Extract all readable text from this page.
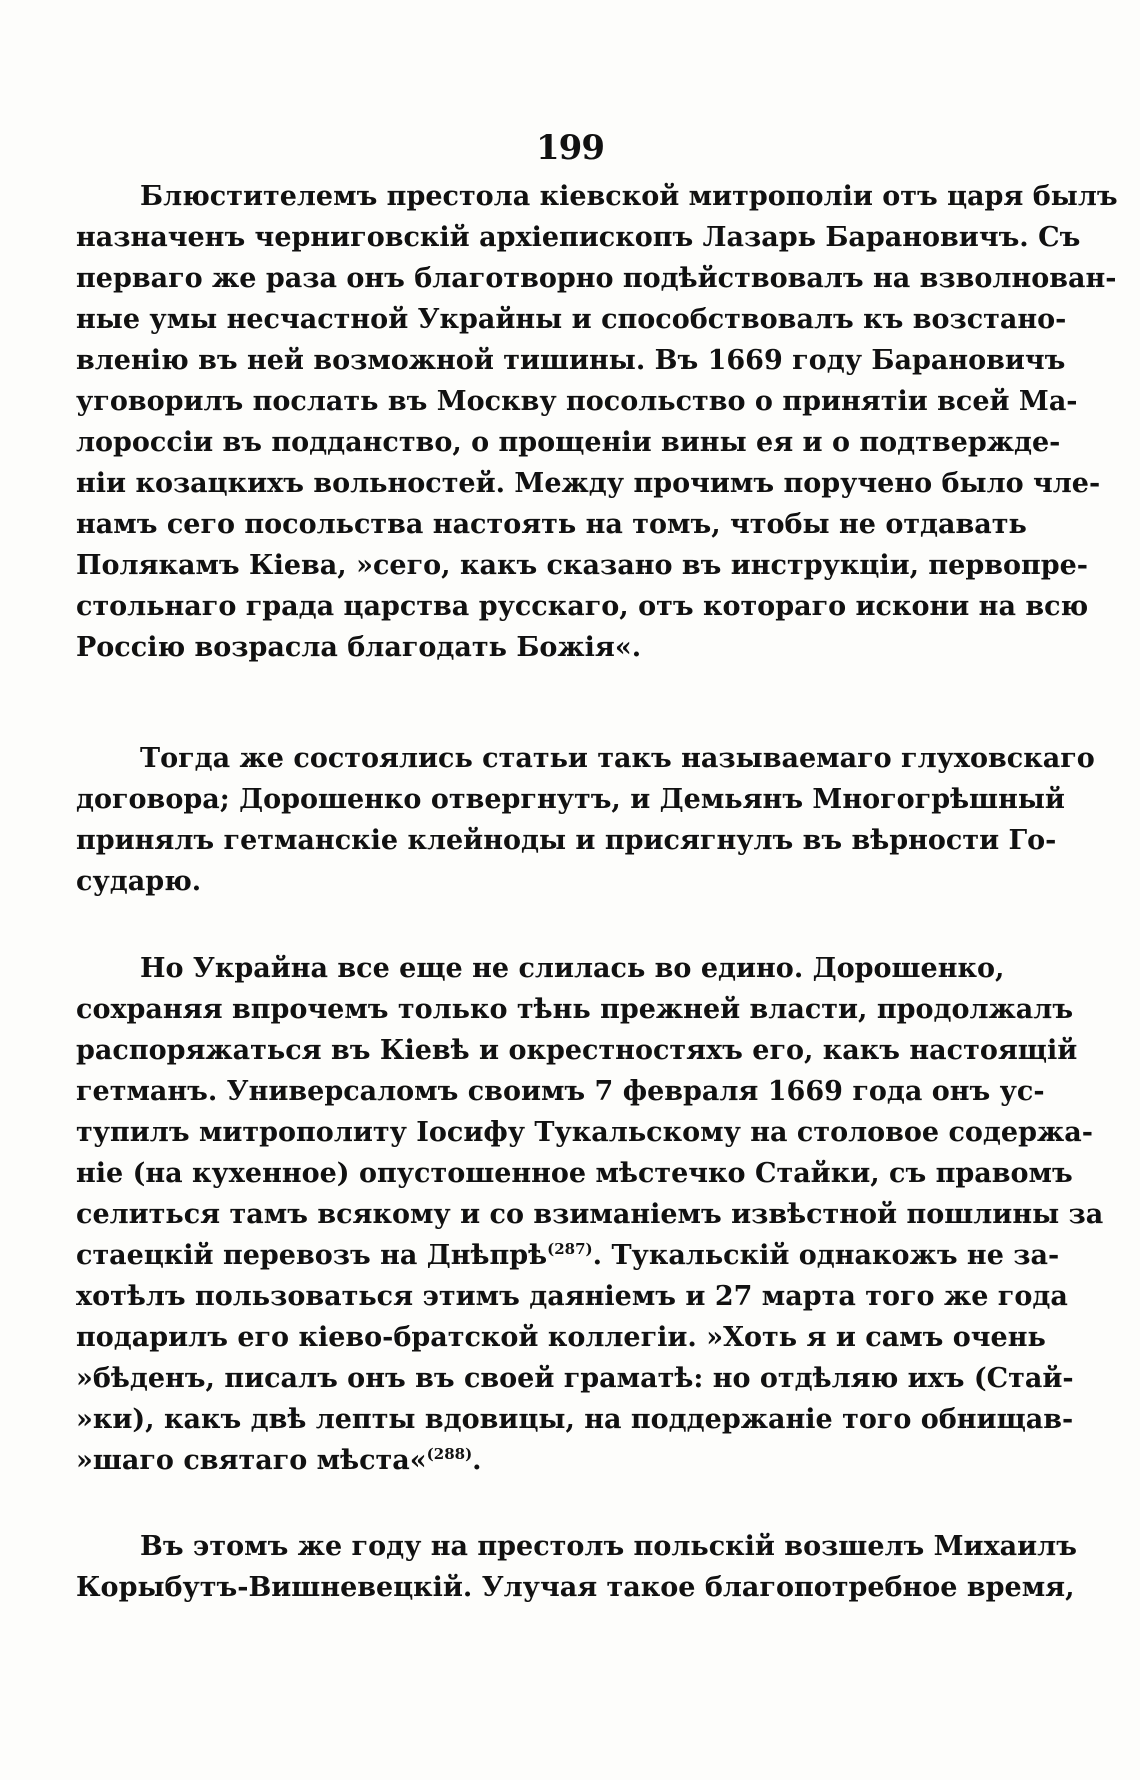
199
Блюстителемъ престола кіевской митрополіи отъ царя былъ
назначенъ черниговскій архіепископъ Лазарь Барановичъ. Съ
перваго же раза онъ благотворно подѣйствовалъ на взволнован-
ные умы несчастной Украйны и способствовалъ къ возстано-
вленію въ ней возможной тишины. Въ 1669 году Барановичъ
уговорилъ послать въ Москву посольство о принятіи всей Ма-
лороссіи въ подданство, о прощеніи вины ея и о подтвержде-
ніи козацкихъ вольностей. Между прочимъ поручено было чле-
намъ сего посольства настоять на томъ, чтобы не отдавать
Полякамъ Кіева, »сего, какъ сказано въ инструкціи, первопре-
стольнаго града царства русскаго, отъ котораго искони на всю
Россію возрасла благодать Божія«.
Тогда же состоялись статьи такъ называемаго глуховскаго
договора; Дорошенко отвергнутъ, и Демьянъ Многогрѣшный
принялъ гетманскіе клейноды и присягнулъ въ вѣрности Го-
сударю.
Но Украйна все еще не слилась во едино. Дорошенко,
сохраняя впрочемъ только тѣнь прежней власти, продолжалъ
распоряжаться въ Кіевѣ и окрестностяхъ его, какъ настоящій
гетманъ. Универсаломъ своимъ 7 февраля 1669 года онъ ус-
тупилъ митрополиту Іосифу Тукальскому на столовое содержа-
ніе (на кухенное) опустошенное мѣстечко Стайки, съ правомъ
селиться тамъ всякому и со взиманіемъ извѣстной пошлины за
стаецкій перевозъ на Днѣпрѣ$^{(287)}$. Тукальскій однакожъ не за-
хотѣлъ пользоваться этимъ даяніемъ и 27 марта того же года
подарилъ его кіево-братской коллегіи. »Хоть я и самъ очень
»бѣденъ, писалъ онъ въ своей граматѣ: но отдѣляю ихъ (Стай-
»ки), какъ двѣ лепты вдовицы, на поддержаніе того обнищав-
»шаго святаго мѣста«$^{(288)}$.
Въ этомъ же году на престолъ польскій возшелъ Михаилъ
Корыбутъ-Вишневецкій. Улучая такое благопотребное время,
